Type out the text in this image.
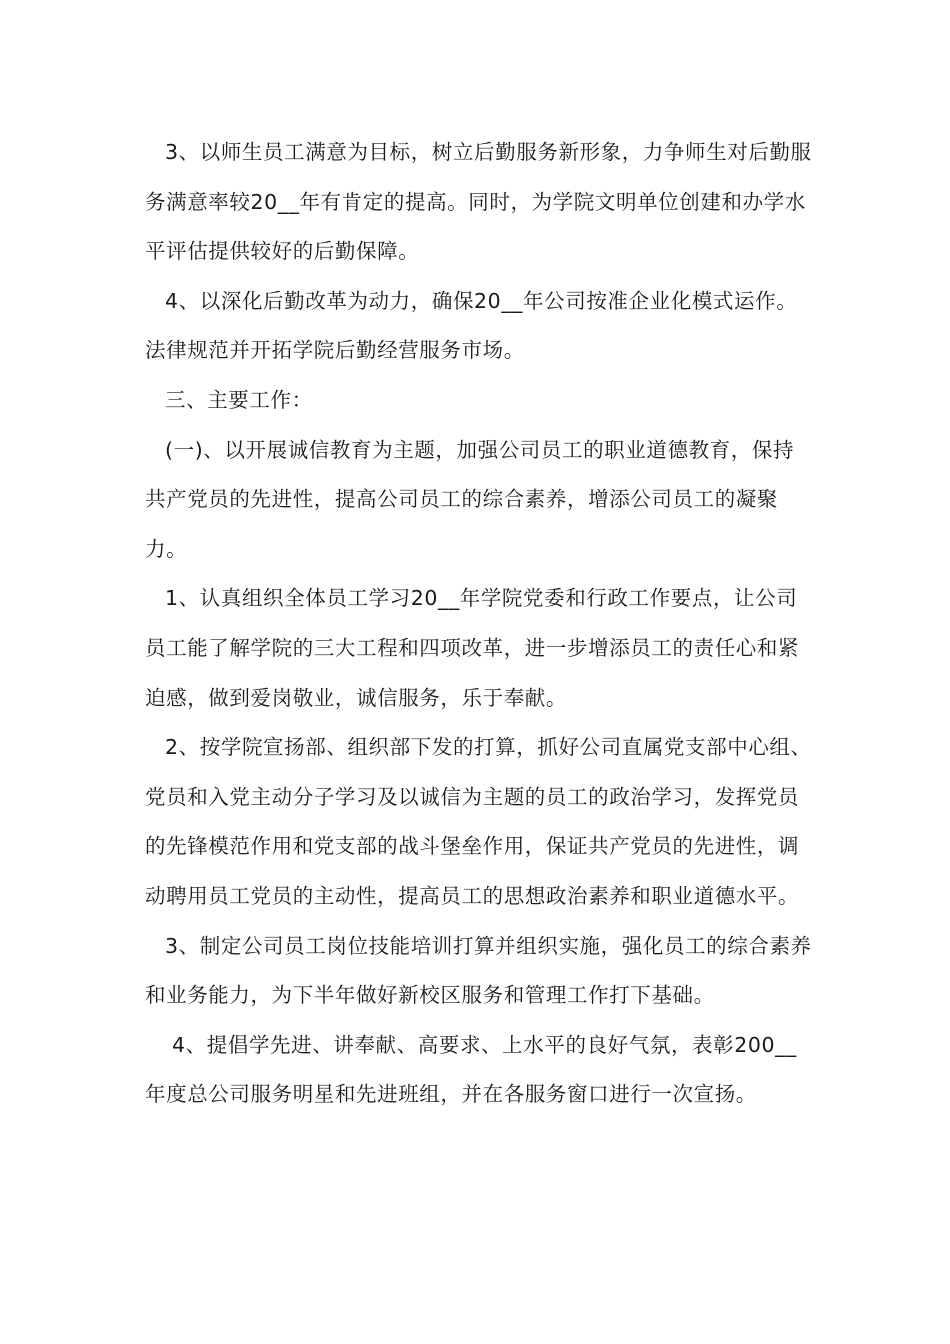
3、以师生员工满意为目标，树立后勤服务新形象，力争师生对后勤服务满意率较20__年有肯定的提高。同时，为学院文明单位创建和办学水平评估提供较好的后勤保障。

4、以深化后勤改革为动力，确保20__年公司按准企业化模式运作。法律规范并开拓学院后勤经营服务市场。

三、主要工作：

(一)、以开展诚信教育为主题，加强公司员工的职业道德教育，保持共产党员的先进性，提高公司员工的综合素养，增添公司员工的凝聚力。

1、认真组织全体员工学习20__年学院党委和行政工作要点，让公司员工能了解学院的三大工程和四项改革，进一步增添员工的责任心和紧迫感，做到爱岗敬业，诚信服务，乐于奉献。

2、按学院宣扬部、组织部下发的打算，抓好公司直属党支部中心组、党员和入党主动分子学习及以诚信为主题的员工的政治学习，发挥党员的先锋模范作用和党支部的战斗堡垒作用，保证共产党员的先进性，调动聘用员工党员的主动性，提高员工的思想政治素养和职业道德水平。

3、制定公司员工岗位技能培训打算并组织实施，强化员工的综合素养和业务能力，为下半年做好新校区服务和管理工作打下基础。

4、提倡学先进、讲奉献、高要求、上水平的良好气氛，表彰200__年度总公司服务明星和先进班组，并在各服务窗口进行一次宣扬。
